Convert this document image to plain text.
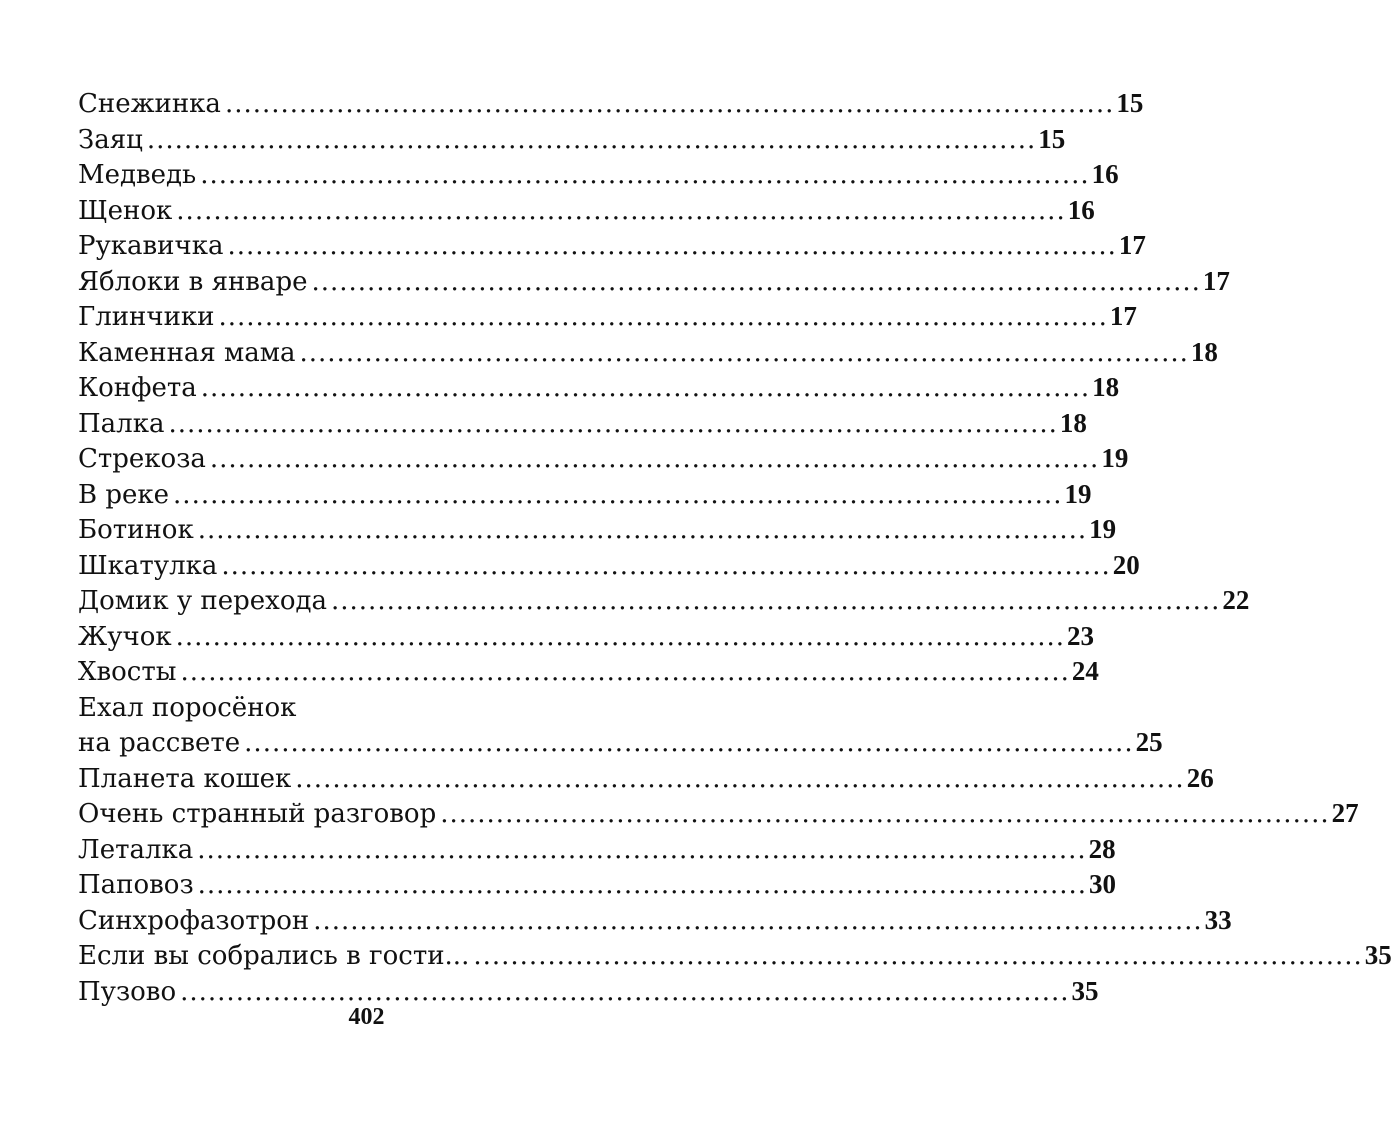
Снежинка ................................................................................................ 15
Заяц ................................................................................................ 15
Медведь ................................................................................................ 16
Щенок ................................................................................................ 16
Рукавичка ................................................................................................ 17
Яблоки в январе ................................................................................................ 17
Глинчики ................................................................................................ 17
Каменная мама ................................................................................................ 18
Конфета ................................................................................................ 18
Палка ................................................................................................ 18
Стрекоза ................................................................................................ 19
В реке ................................................................................................ 19
Ботинок ................................................................................................ 19
Шкатулка ................................................................................................ 20
Домик у перехода ................................................................................................ 22
Жучок ................................................................................................ 23
Хвосты ................................................................................................ 24
Ехал поросёнок
на рассвете ................................................................................................ 25
Планета кошек ................................................................................................ 26
Очень странный разговор ................................................................................................ 27
Леталка ................................................................................................ 28
Паповоз ................................................................................................ 30
Синхрофазотрон ................................................................................................ 33
Если вы собрались в гости... ................................................................................................ 35
Пузово ................................................................................................ 35
402
